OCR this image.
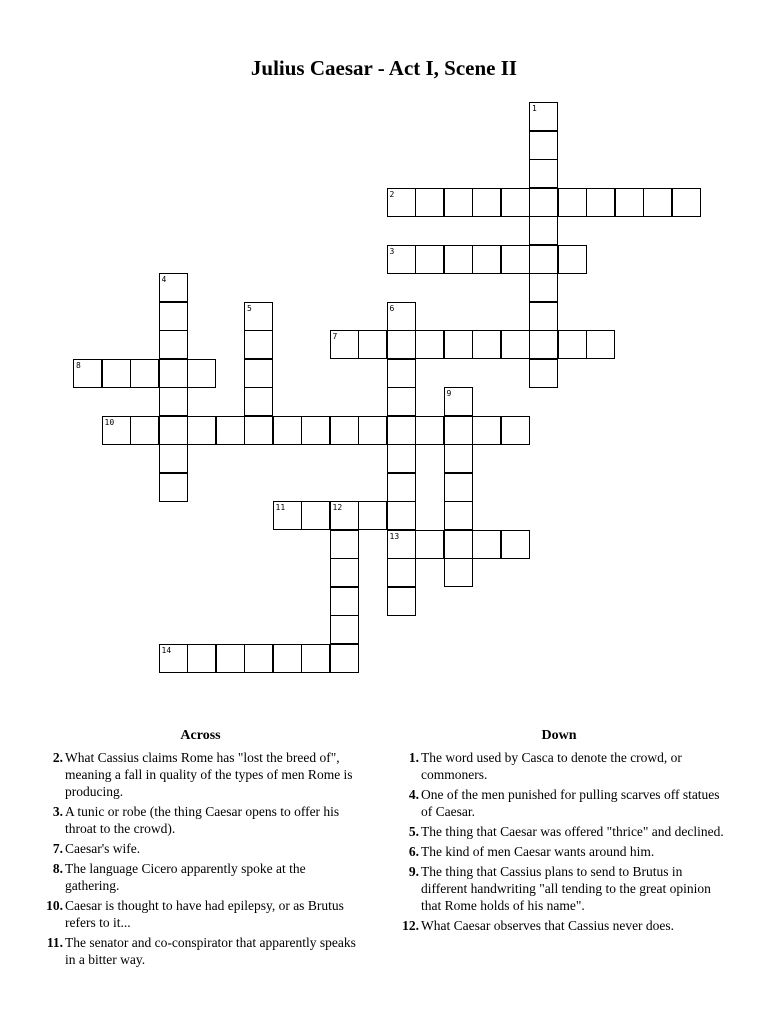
Julius Caesar - Act I, Scene II
1
2
3
4
5	6
13
7
8
9
10
11	12
14
Across
2. What Cassius claims Rome has "lost the breed of", meaning a fall in quality of the types of men Rome is producing.
3. A tunic or robe (the thing Caesar opens to offer his throat to the crowd).
7. Caesar's wife.
8. The language Cicero apparently spoke at the gathering.
10. Caesar is thought to have had epilepsy, or as Brutus refers to it...
11. The senator and co-conspirator that apparently speaks in a bitter way.
Down
1. The word used by Casca to denote the crowd, or commoners.
4. One of the men punished for pulling scarves off statues of Caesar.
5. The thing that Caesar was offered "thrice" and declined.
6. The kind of men Caesar wants around him.
9. The thing that Cassius plans to send to Brutus in different handwriting "all tending to the great opinion that Rome holds of his name".
12. What Caesar observes that Cassius never does.
